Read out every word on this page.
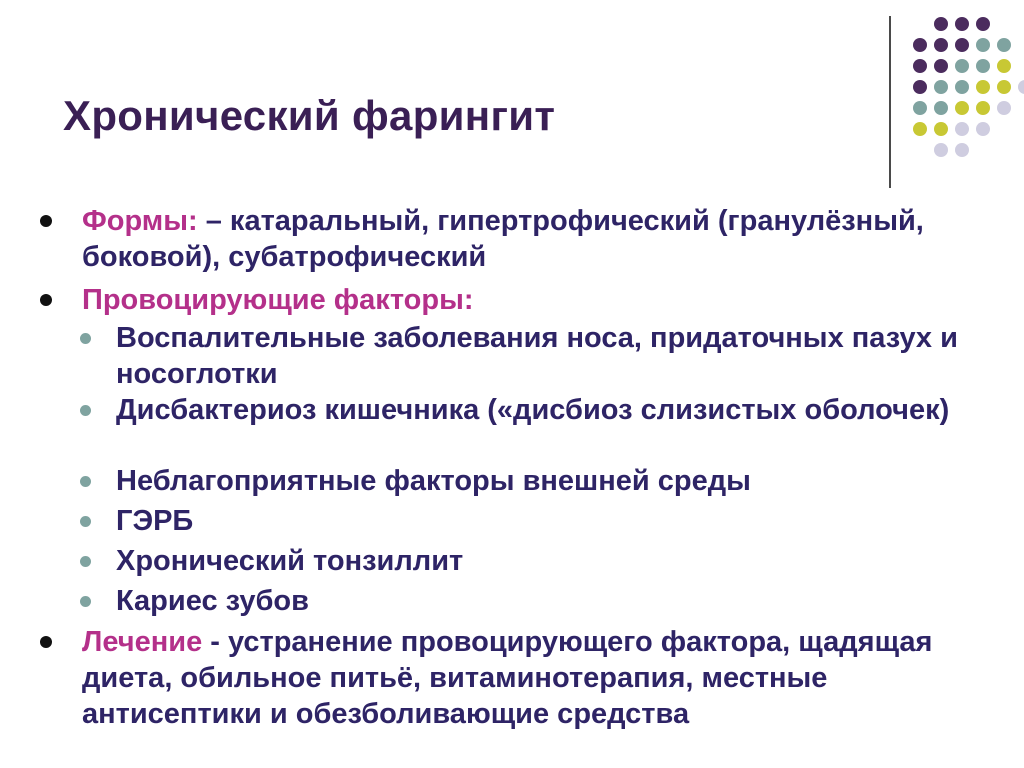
Хронический фарингит
Формы: – катаральный, гипертрофический (гранулёзный, боковой), субатрофический
Провоцирующие факторы:
Воспалительные заболевания носа, придаточных пазух и носоглотки
Дисбактериоз кишечника («дисбиоз слизистых оболочек)
Неблагоприятные факторы внешней среды
ГЭРБ
Хронический тонзиллит
Кариес зубов
Лечение - устранение провоцирующего фактора, щадящая диета, обильное питьё, витаминотерапия, местные антисептики и обезболивающие средства
